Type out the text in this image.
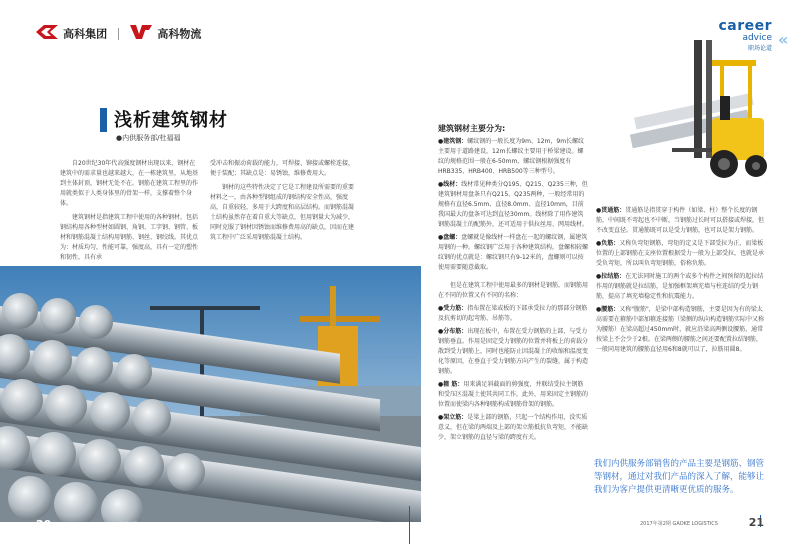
高科集团	高科物流	career
advice
职场论道 «
浅析建筑钢材
●内供服务部/杜福福

自20世纪30年代高强度钢材出现以来，钢材在建筑中的需求量也越来越大，在一栋建筑里，从地基到主体封顶，钢材无处不在。钢筋在建筑工程里的作用就类似于人类身体里的骨架一样，支撑着整个身体。

建筑钢材是指建筑工程中使用的各种钢材，包括钢结构用各种型材如圆钢、角钢、工字钢、钢管、板材和钢筋混凝土结构用钢筋、钢丝、钢绞线。其优点为：材质均匀，性能可靠，强度高，具有一定的塑性和韧性，具有承

受冲击和振动荷载的能力，可焊接、铆接或螺栓连接，便于装配；其缺点是：易锈蚀，维修费用大。

钢材的这些特性决定了它是工程建设所需要的重要材料之一，由各种型钢组成的钢结构安全性高，强度高，自重较轻，多用于大跨度和高层结构。而钢筋混凝土结构虽然存在着自重大等缺点，但用钢量大为减少，同时克服了钢材因锈蚀而维修费用高的缺点，因而在建筑工程中广泛采用钢筋混凝土结构。

20 GAOKE LOGISTICS 2017年第2期
建筑钢材主要分为:

●建筑钢：螺纹钢的一般长度为9m、12m，9m长螺纹主要用于道路建设，12m长螺纹主要用于桥梁建设。螺纹的规格范围一般在6-50mm，螺纹钢根据强度有HRB335、HRB400、HRB500等三种型号。

●线材：线材常见种类分Q195、Q215、Q235三种，但建筑钢材用盘条只有Q215、Q235两种，一般经常用的规格有直径6.5mm、直径8.0mm、直径10mm，目前我国最大的盘条可达到直径30mm。线材除了用作建筑钢筋混凝土的配筋外，还可适用于供拉丝用、网用线材。

●盘螺：盘螺就是像线材一样盘在一起的螺纹钢，属建筑用钢的一种。螺纹钢广泛用于各种建筑结构，盘螺相较螺纹钢的优点就是：螺纹钢只有9-12米的，盘螺则可以按使用需要随意截取。

但是在建筑工程中使用最多的钢材是钢筋，而钢筋用在不同的位置又有不同的名称：

●受力筋：指布置在梁或板的下部承受拉力的那部分钢筋及抗剪切的起弯筋、吊筋等。

●分布筋：出现在板中，布置在受力钢筋的上部，与受力钢筋垂直。作用是固定受力钢筋的位置并将板上的荷载分散到受力钢筋上，同时也能防止因混凝土的收缩和温度变化等原因，在垂直于受力钢筋方向产生的裂缝，属于构造钢筋。

●箍 筋：用来满足斜截面的剪强度，并联结受拉主钢筋和受压区混凝土使其共同工作，此外，用来固定主钢筋的位置而使梁内各种钢筋构成钢筋骨架的钢筋。

●架立筋：是梁上部的钢筋，只起一个结构作用，没实质意义，但在梁的两端及上部的架立筋抵抗负弯矩，不能缺少，架立钢筋的直径与梁的跨度有关。

●贯通筋：贯通筋是指贯穿于构件（如梁、柱）整个长度的钢筋，中间既不弯起也不中断，当钢筋过长时可以搭接或焊接，但不改变直径。贯通筋既可以是受力钢筋，也可以是架力钢筋。

●负筋：又称负弯矩钢筋，弯矩的定义是下部受拉为正，而梁板位置的上部钢筋在支座位置根据受力一般为上部受拉，也就是承受负弯矩，所以叫负弯矩钢筋，俗称负筋。

●拉结筋：在无法同时施工的两个或多个构件之间预留的起拉结作用的钢筋就是拉结筋，是加强框架填充墙与柱连结的受力钢筋，提高了填充墙稳定性和抗震能力。

●腰筋：又称"腹筋"，是梁中部构造钢筋，主要是因为有的梁太高需要在箍筋中部加箍连接筋（梁侧的纵向构造钢筋实际中又称为腰筋）在梁高超过450mm时，就应沿梁高两侧设腰筋，通常按梁上不会少于2根。在梁两侧的腰筋之间还要配置拉结钢筋，一般同用建筑的腰筋直径用6和8就可以了，拉筋用圆8。

我们内供服务部销售的产品主要是钢筋、钢管等钢材，通过对我们产品的深入了解，能够让我们为客户提供更清晰更优质的服务。
2017年第2期 GAOKE LOGISTICS	21
